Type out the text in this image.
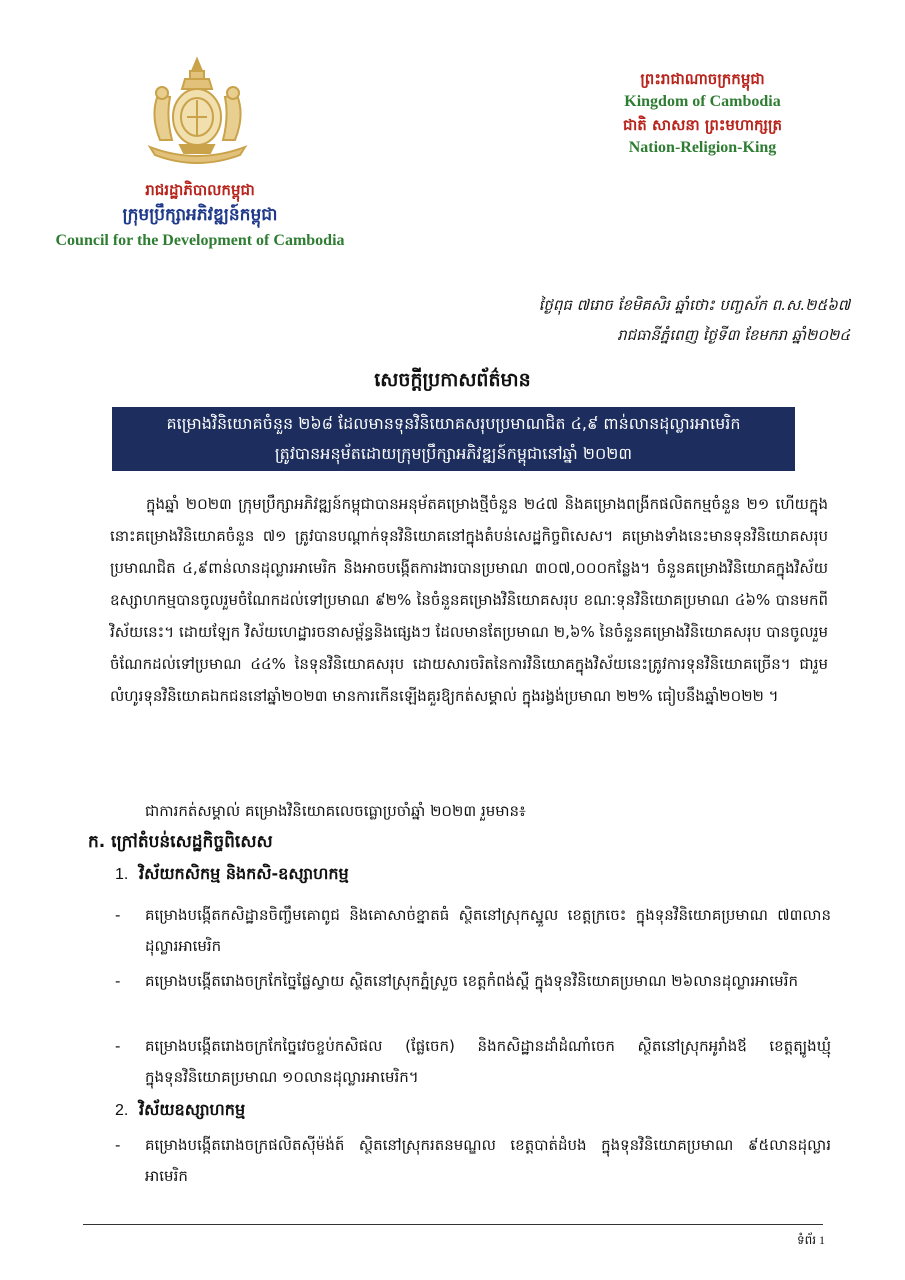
រាជរដ្ឋាភិបាលកម្ពុជា
ក្រុមប្រឹក្សាអភិវឌ្ឍន៍កម្ពុជា
Council for the Development of Cambodia
ព្រះរាជាណាចក្រកម្ពុជា
Kingdom of Cambodia
ជាតិ សាសនា ព្រះមហាក្សត្រ
Nation-Religion-King
ថ្ងៃពុធ ៧រោច ខែមិគសិរ ឆ្នាំថោះ បញ្ចស័ក ព.ស.២៥៦៧
រាជធានីភ្នំពេញ ថ្ងៃទី៣ ខែមករា ឆ្នាំ២០២៤
សេចក្តីប្រកាសព័ត៌មាន
គម្រោងវិនិយោគចំនួន ២៦៨ ដែលមានទុនវិនិយោគសរុបប្រមាណជិត ៤,៩ ពាន់លានដុល្លារអាមេរិក
ត្រូវបានអនុម័តដោយក្រុមប្រឹក្សាអភិវឌ្ឍន៍កម្ពុជានៅឆ្នាំ ២០២៣
ក្នុងឆ្នាំ ២០២៣ ក្រុមប្រឹក្សាអភិវឌ្ឍន៍កម្ពុជាបានអនុម័តគម្រោងថ្មីចំនួន ២៤៧ និងគម្រោងពង្រីកផលិតកម្មចំនួន ២១ ហើយក្នុងនោះគម្រោងវិនិយោគចំនួន ៧១ ត្រូវបានបណ្តាក់ទុនវិនិយោគនៅក្នុងតំបន់សេដ្ឋកិច្ចពិសេស។ គម្រោងទាំងនេះមានទុនវិនិយោគសរុបប្រមាណជិត ៤,៩ពាន់លានដុល្លារអាមេរិក និងអាចបង្កើតការងារបានប្រមាណ ៣០៧,០០០កន្លែង។ ចំនួនគម្រោងវិនិយោគក្នុងវិស័យឧស្សាហកម្មបានចូលរួមចំណែកដល់ទៅប្រមាណ ៩២% នៃចំនួនគម្រោងវិនិយោគសរុប ខណៈទុនវិនិយោគប្រមាណ ៤៦% បានមកពីវិស័យនេះ។ ដោយឡែក វិស័យហេដ្ឋារចនាសម្ព័ន្ធនិងផ្សេងៗ ដែលមានតែប្រមាណ ២,៦% នៃចំនួនគម្រោងវិនិយោគសរុប បានចូលរួមចំណែកដល់ទៅប្រមាណ ៤៤% នៃទុនវិនិយោគសរុប ដោយសារចរិតនៃការវិនិយោគក្នុងវិស័យនេះត្រូវការទុនវិនិយោគច្រើន។ ជារួម លំហូរទុនវិនិយោគឯកជននៅឆ្នាំ២០២៣ មានការកើនឡើងគួរឱ្យកត់សម្គាល់ ក្នុងរង្វង់ប្រមាណ ២២% ធៀបនឹងឆ្នាំ២០២២ ។
ជាការកត់សម្គាល់ គម្រោងវិនិយោគលេចធ្លោប្រចាំឆ្នាំ ២០២៣ រួមមាន៖
ក. ក្រៅតំបន់សេដ្ឋកិច្ចពិសេស
1. វិស័យកសិកម្ម និងកសិ-ឧស្សាហកម្ម
- គម្រោងបង្កើតកសិដ្ឋានចិញ្ចឹមគោពូជ និងគោសាច់ខ្នាតធំ ស្ថិតនៅស្រុកស្នួល ខេត្តក្រចេះ ក្នុងទុនវិនិយោគប្រមាណ ៧៣លានដុល្លារអាមេរិក
- គម្រោងបង្កើតរោងចក្រកែច្នៃផ្លែស្វាយ ស្ថិតនៅស្រុកភ្នំស្រួច ខេត្តកំពង់ស្ពឺ ក្នុងទុនវិនិយោគប្រមាណ ២៦លានដុល្លារអាមេរិក
- គម្រោងបង្កើតរោងចក្រកែច្នៃវេចខ្ចប់កសិផល (ផ្លែចេក) និងកសិដ្ឋានដាំដំណាំចេក ស្ថិតនៅស្រុកអូរាំងឪ ខេត្តត្បូងឃ្មុំ ក្នុងទុនវិនិយោគប្រមាណ ១០លានដុល្លារអាមេរិក។
2. វិស័យឧស្សាហកម្ម
- គម្រោងបង្កើតរោងចក្រផលិតស៊ីម៉ង់ត៍ ស្ថិតនៅស្រុករតនមណ្ឌល ខេត្តបាត់ដំបង ក្នុងទុនវិនិយោគប្រមាណ ៩៥លានដុល្លារអាមេរិក
ទំព័រ 1
